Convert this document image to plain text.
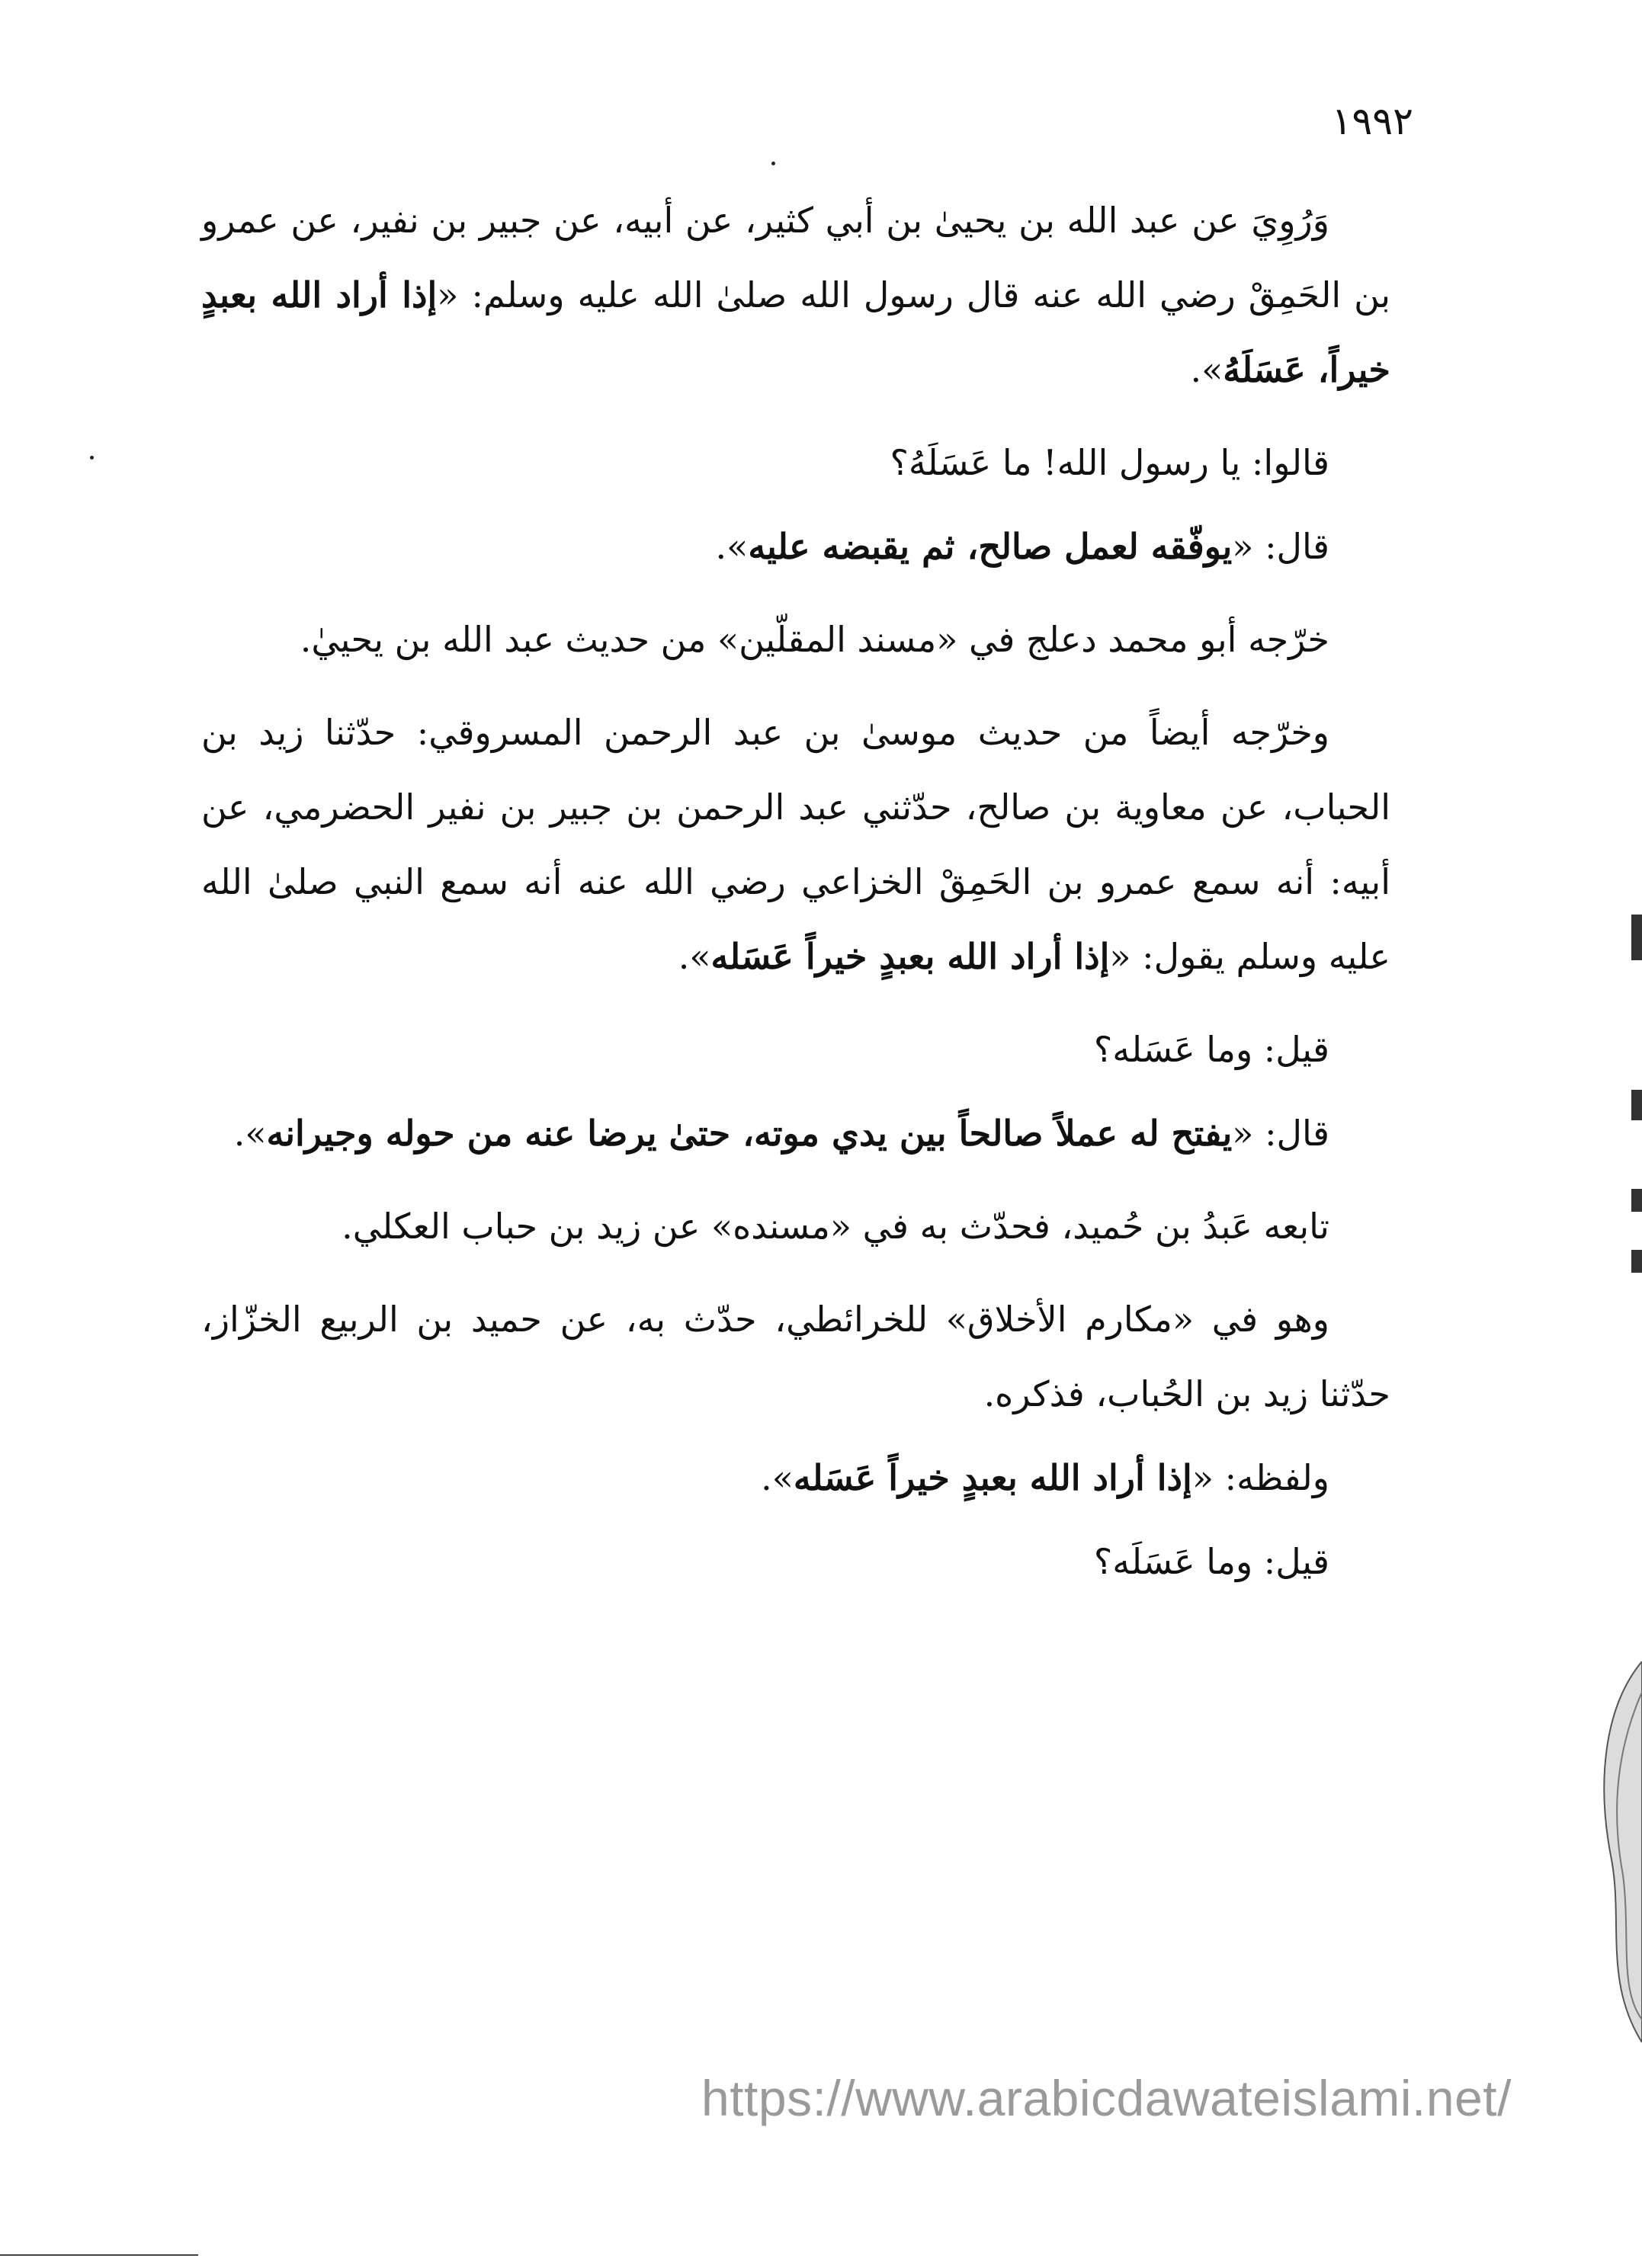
١٩٩٢

وَرُوِيَ عن عبد الله بن يحيىٰ بن أبي كثير، عن أبيه، عن جبير بن نفير، عن عمرو بن الحَمِقْ رضي الله عنه قال رسول الله صلىٰ الله عليه وسلم: «إذا أراد الله بعبدٍ خيراً، عَسَلَهُ».

قالوا: يا رسول الله! ما عَسَلَهُ؟

قال: «يوفّقه لعمل صالح، ثم يقبضه عليه».

خرّجه أبو محمد دعلج في «مسند المقلّين» من حديث عبد الله بن يحييٰ.

وخرّجه أيضاً من حديث موسىٰ بن عبد الرحمن المسروقي: حدّثنا زيد بن الحباب، عن معاوية بن صالح، حدّثني عبد الرحمن بن جبير بن نفير الحضرمي، عن أبيه: أنه سمع عمرو بن الحَمِقْ الخزاعي رضي الله عنه أنه سمع النبي صلىٰ الله عليه وسلم يقول: «إذا أراد الله بعبدٍ خيراً عَسَله».

قيل: وما عَسَله؟

قال: «يفتح له عملاً صالحاً بين يدي موته، حتىٰ يرضا عنه من حوله وجيرانه».

تابعه عَبدُ بن حُميد، فحدّث به في «مسنده» عن زيد بن حباب العكلي.

وهو في «مكارم الأخلاق» للخرائطي، حدّث به، عن حميد بن الربيع الخزّاز، حدّثنا زيد بن الحُباب، فذكره.

ولفظه: «إذا أراد الله بعبدٍ خيراً عَسَله».

قيل: وما عَسَلَه؟

https://www.arabicdawateislami.net/
